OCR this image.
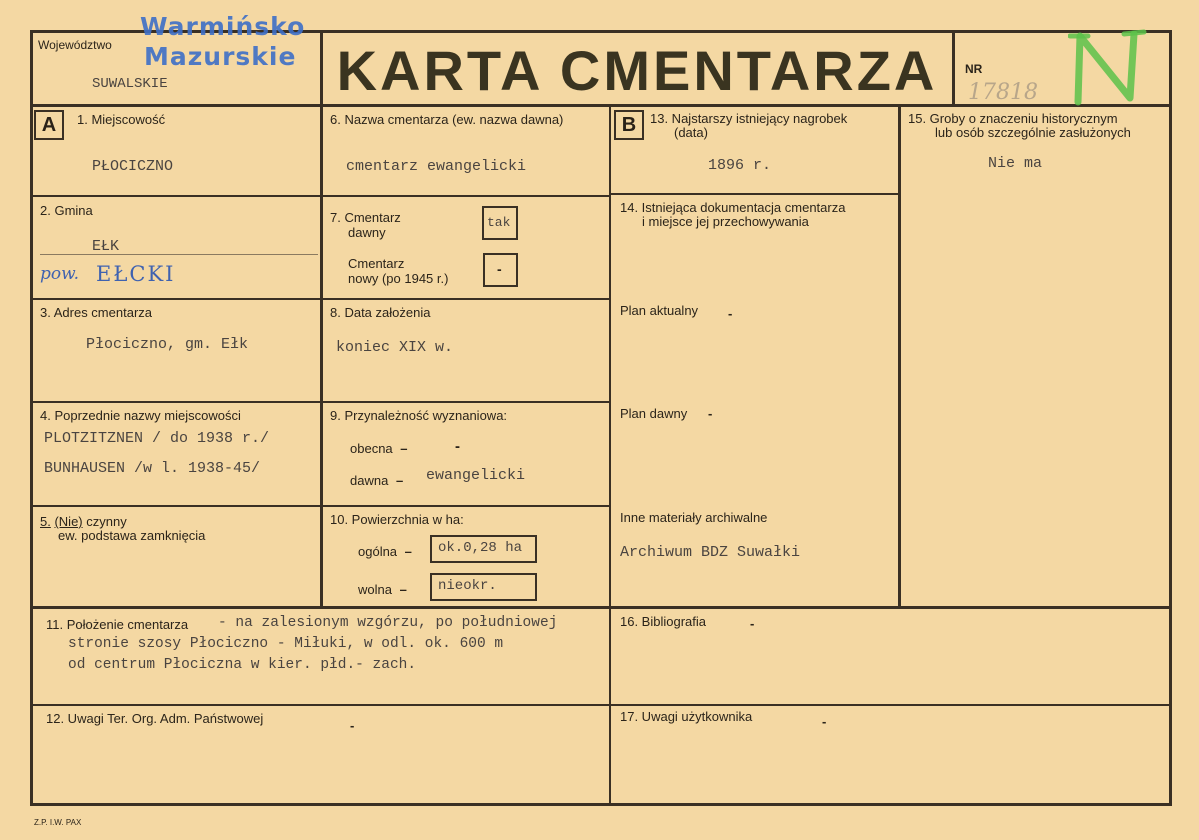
Województwo
Warmińsko
Mazurskie
SUWALSKIE	KARTA CMENTARZA	NR
17818
A	1. Miejscowość
PŁOCICZNO
2. Gmina
EŁK
pow. EŁCKI
3. Adres cmentarza
Płociczno, gm. Ełk
4. Poprzednie nazwy miejscowości
PLOTZITZNEN / do 1938 r./
BUNHAUSEN /w l. 1938-45/
5. (Nie) czynny
ew. podstawa zamknięcia
6. Nazwa cmentarza (ew. nazwa dawna)
cmentarz ewangelicki
7. Cmentarz
dawny
tak
Cmentarz
nowy (po 1945 r.)
-
8. Data założenia
koniec XIX w.
9. Przynależność wyznaniowa:
obecna –	-
dawna – ewangelicki
10. Powierzchnia w ha:
ogólna – ok.0,28 ha
wolna – nieokr.
B	13. Najstarszy istniejący nagrobek
(data)
1896 r.
14. Istniejąca dokumentacja cmentarza
i miejsce jej przechowywania
Plan aktualny -
Plan dawny -
Inne materiały archiwalne
Archiwum BDZ Suwałki
15. Groby o znaczeniu historycznym
lub osób szczególnie zasłużonych
Nie ma
11. Położenie cmentarza - na zalesionym wzgórzu, po południowej
stronie szosy Płociczno - Miłuki, w odl. ok. 600 m
od centrum Płociczna w kier. płd.- zach.
16. Bibliografia	-
12. Uwagi Ter. Org. Adm. Państwowej	-
17. Uwagi użytkownika	-
Z.P. I.W. PAX
